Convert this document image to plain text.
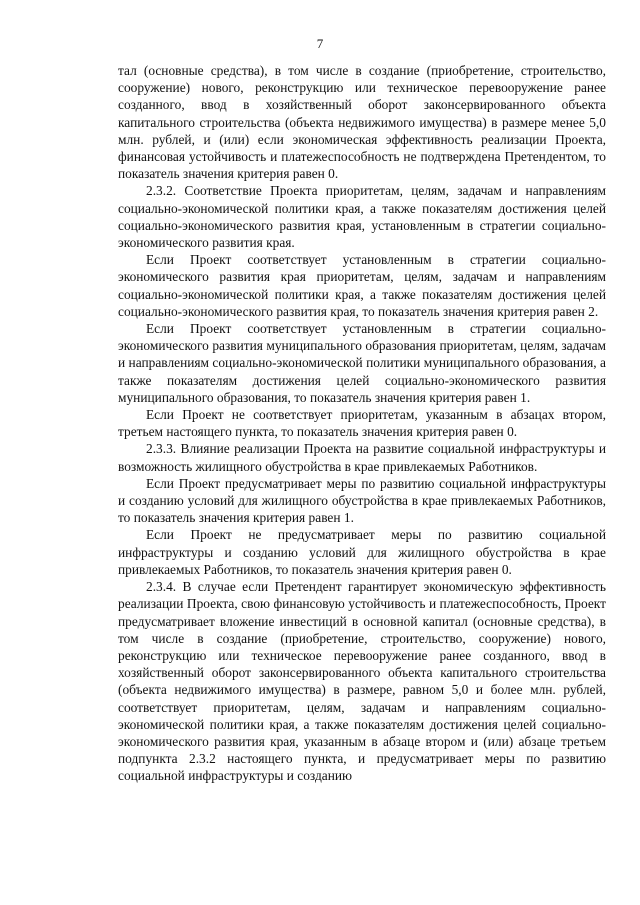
7

тал (основные средства), в том числе в создание (приобретение, строительство, сооружение) нового, реконструкцию или техническое перевооружение ранее созданного, ввод в хозяйственный оборот законсервированного объекта капитального строительства (объекта недвижимого имущества) в размере менее 5,0 млн. рублей, и (или) если экономическая эффективность реализации Проекта, финансовая устойчивость и платежеспособность не подтверждена Претендентом, то показатель значения критерия равен 0.

2.3.2. Соответствие Проекта приоритетам, целям, задачам и направлениям социально-экономической политики края, а также показателям достижения целей социально-экономического развития края, установленным в стратегии социально-экономического развития края.

Если Проект соответствует установленным в стратегии социально-экономического развития края приоритетам, целям, задачам и направлениям социально-экономической политики края, а также показателям достижения целей социально-экономического развития края, то показатель значения критерия равен 2.

Если Проект соответствует установленным в стратегии социально-экономического развития муниципального образования приоритетам, целям, задачам и направлениям социально-экономической политики муниципального образования, а также показателям достижения целей социально-экономического развития муниципального образования, то показатель значения критерия равен 1.

Если Проект не соответствует приоритетам, указанным в абзацах втором, третьем настоящего пункта, то показатель значения критерия равен 0.

2.3.3. Влияние реализации Проекта на развитие социальной инфраструктуры и возможность жилищного обустройства в крае привлекаемых Работников.

Если Проект предусматривает меры по развитию социальной инфраструктуры и созданию условий для жилищного обустройства в крае привлекаемых Работников, то показатель значения критерия равен 1.

Если Проект не предусматривает меры по развитию социальной инфраструктуры и созданию условий для жилищного обустройства в крае привлекаемых Работников, то показатель значения критерия равен 0.

2.3.4. В случае если Претендент гарантирует экономическую эффективность реализации Проекта, свою финансовую устойчивость и платежеспособность, Проект предусматривает вложение инвестиций в основной капитал (основные средства), в том числе в создание (приобретение, строительство, сооружение) нового, реконструкцию или техническое перевооружение ранее созданного, ввод в хозяйственный оборот законсервированного объекта капитального строительства (объекта недвижимого имущества) в размере, равном 5,0 и более млн. рублей, соответствует приоритетам, целям, задачам и направлениям социально-экономической политики края, а также показателям достижения целей социально-экономического развития края, указанным в абзаце втором и (или) абзаце третьем подпункта 2.3.2 настоящего пункта, и предусматривает меры по развитию социальной инфраструктуры и созданию
